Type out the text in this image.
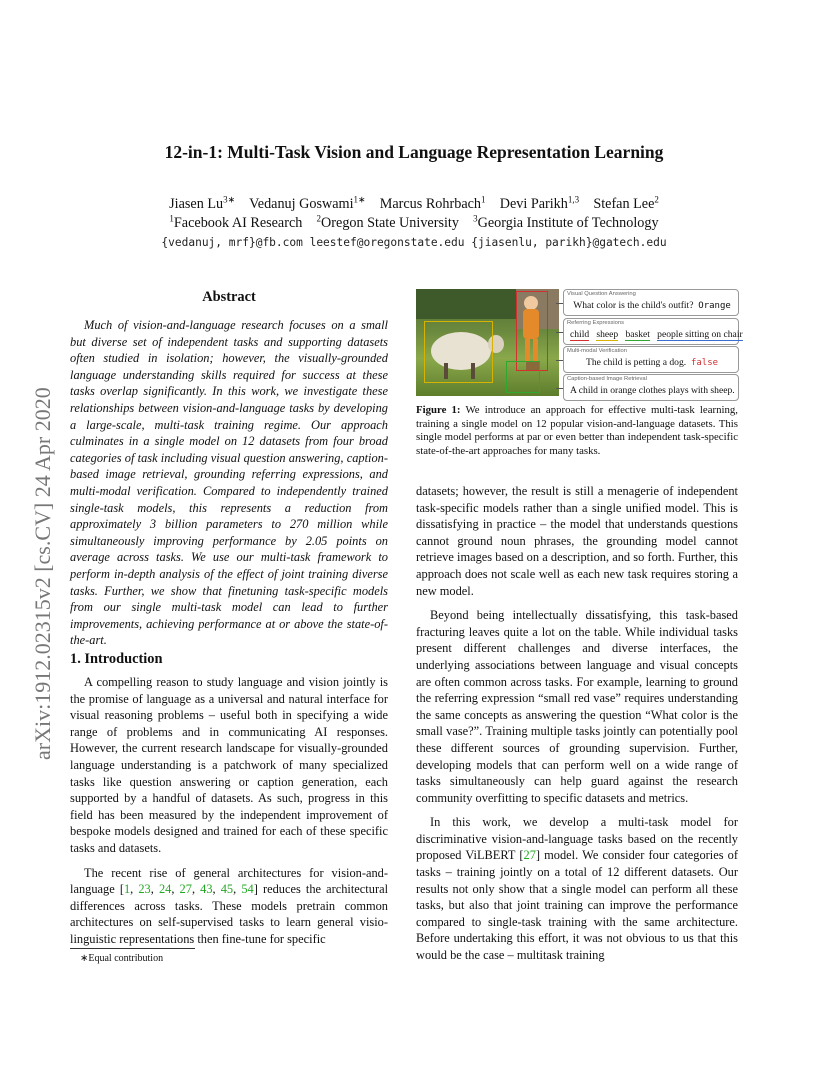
12-in-1: Multi-Task Vision and Language Representation Learning
Jiasen $Lu^{3∗}$ Vedanuj Goswami$^{1∗}$ Marcus Rohrbach$^1$ Devi Parikh$^{1,3}$ Stefan Lee$^2$
$^1$Facebook AI Research $^2$Oregon State University $^3$Georgia Institute of Technology
{vedanuj, mrf}@fb.com leestef@oregonstate.edu {jiasenlu, parikh}@gatech.edu
arXiv:1912.02315v2 [cs.CV] 24 Apr 2020
Abstract
Much of vision-and-language research focuses on a small but diverse set of independent tasks and supporting datasets often studied in isolation; however, the visually-grounded language understanding skills required for success at these tasks overlap significantly. In this work, we investigate these relationships between vision-and-language tasks by developing a large-scale, multi-task training regime. Our approach culminates in a single model on 12 datasets from four broad categories of task including visual question answering, caption-based image retrieval, grounding referring expressions, and multi-modal verification. Compared to independently trained single-task models, this represents a reduction from approximately 3 billion parameters to 270 million while simultaneously improving performance by 2.05 points on average across tasks. We use our multi-task framework to perform in-depth analysis of the effect of joint training diverse tasks. Further, we show that finetuning task-specific models from our single multi-task model can lead to further improvements, achieving performance at or above the state-of-the-art.
1. Introduction

A compelling reason to study language and vision jointly is the promise of language as a universal and natural interface for visual reasoning problems – useful both in specifying a wide range of problems and in communicating AI responses. However, the current research landscape for visually-grounded language understanding is a patchwork of many specialized tasks like question answering or caption generation, each supported by a handful of datasets. As such, progress in this field has been measured by the independent improvement of bespoke models designed and trained for each of these specific tasks and datasets.

The recent rise of general architectures for vision-and-language [1, 23, 24, 27, 43, 45, 54] reduces the architectural differences across tasks. These models pretrain common architectures on self-supervised tasks to learn general visio-linguistic representations then fine-tune for specific

∗Equal contribution
Visual Question Answering
What color is the child's outfit? Orange
Referring Expressions
child sheep basket people sitting on chair
Multi-modal Verification
The child is petting a dog. false
Caption-based Image Retrieval
A child in orange clothes plays with sheep.
Figure 1: We introduce an approach for effective multi-task learning, training a single model on 12 popular vision-and-language datasets. This single model performs at par or even better than independent task-specific state-of-the-art approaches for many tasks.

datasets; however, the result is still a menagerie of independent task-specific models rather than a single unified model. This is dissatisfying in practice – the model that understands questions cannot ground noun phrases, the grounding model cannot retrieve images based on a description, and so forth. Further, this approach does not scale well as each new task requires storing a new model.

Beyond being intellectually dissatisfying, this task-based fracturing leaves quite a lot on the table. While individual tasks present different challenges and diverse interfaces, the underlying associations between language and visual concepts are often common across tasks. For example, learning to ground the referring expression “small red vase” requires understanding the same concepts as answering the question “What color is the small vase?”. Training multiple tasks jointly can potentially pool these different sources of grounding supervision. Further, developing models that can perform well on a wide range of tasks simultaneously can help guard against the research community overfitting to specific datasets and metrics.

In this work, we develop a multi-task model for discriminative vision-and-language tasks based on the recently proposed ViLBERT [27] model. We consider four categories of tasks – training jointly on a total of 12 different datasets. Our results not only show that a single model can perform all these tasks, but also that joint training can improve the performance compared to single-task training with the same architecture. Before undertaking this effort, it was not obvious to us that this would be the case – multitask training
